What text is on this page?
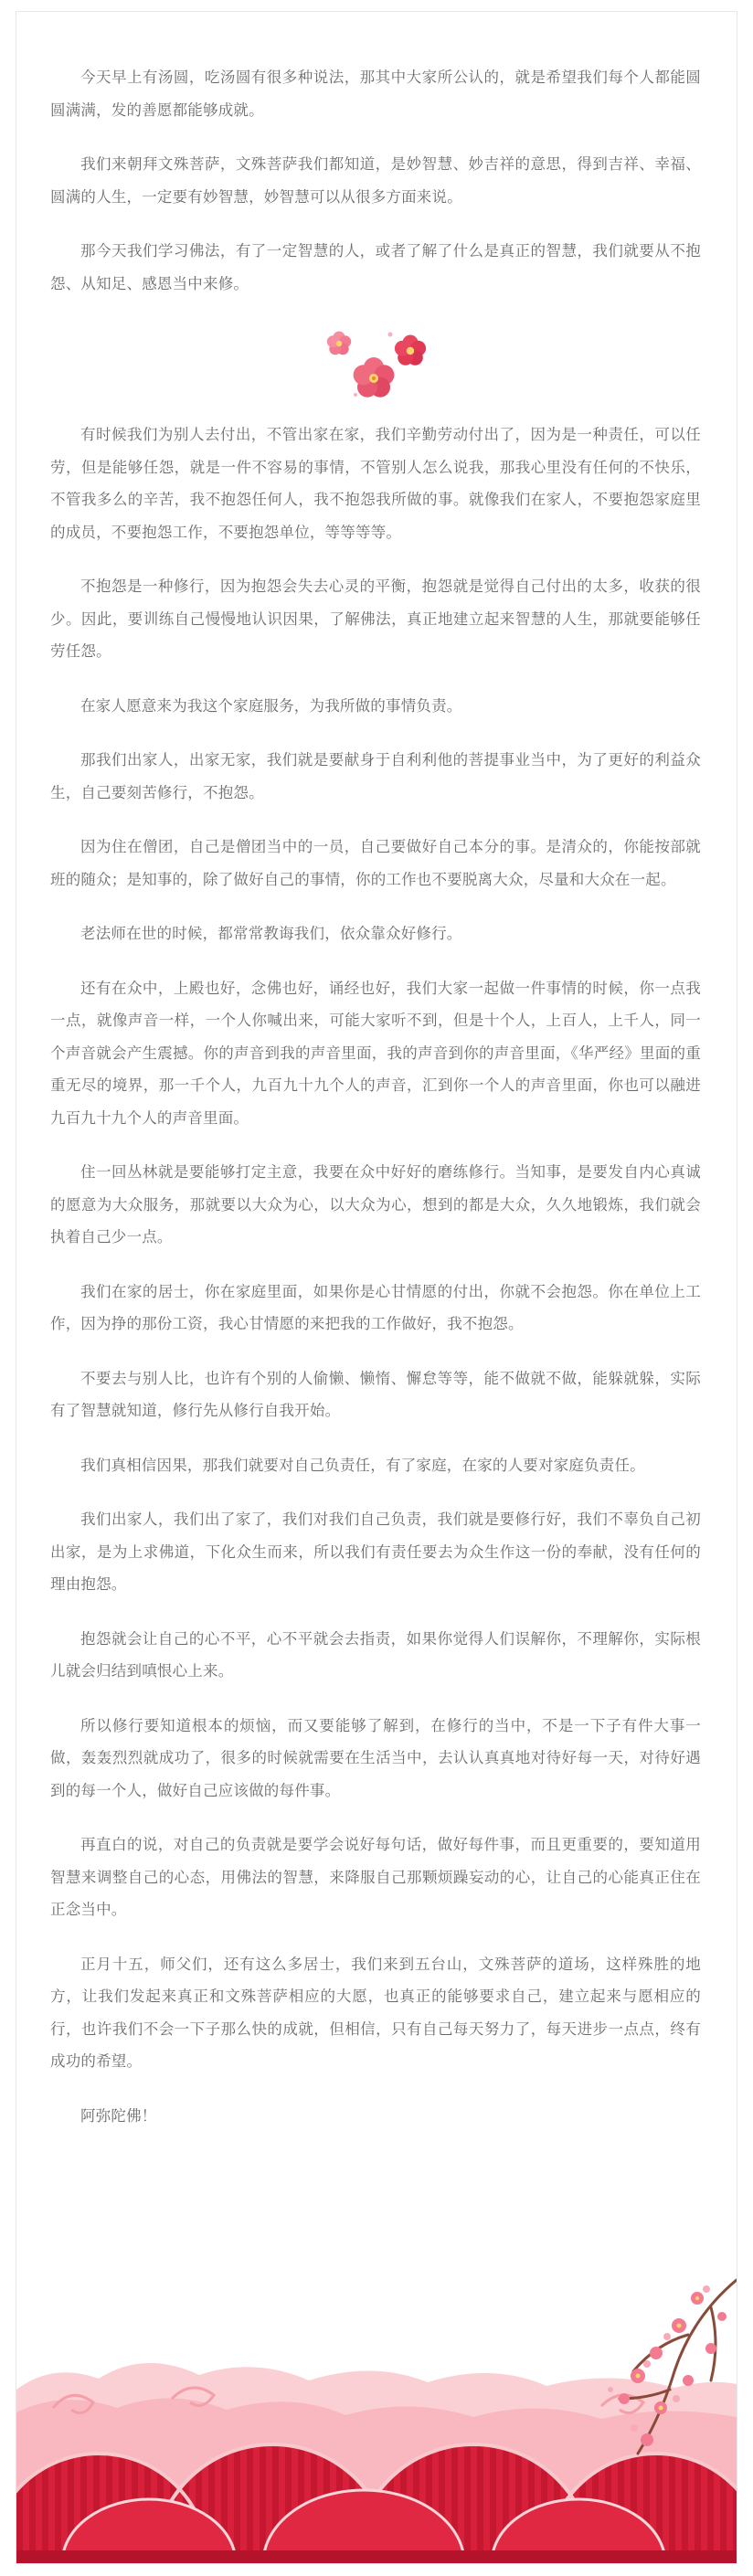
今天早上有汤圆，吃汤圆有很多种说法，那其中大家所公认的，就是希望我们每个人都能圆圆满满，发的善愿都能够成就。

我们来朝拜文殊菩萨，文殊菩萨我们都知道，是妙智慧、妙吉祥的意思，得到吉祥、幸福、圆满的人生，一定要有妙智慧，妙智慧可以从很多方面来说。

那今天我们学习佛法，有了一定智慧的人，或者了解了什么是真正的智慧，我们就要从不抱怨、从知足、感恩当中来修。

有时候我们为别人去付出，不管出家在家，我们辛勤劳动付出了，因为是一种责任，可以任劳，但是能够任怨，就是一件不容易的事情，不管别人怎么说我，那我心里没有任何的不快乐，不管我多么的辛苦，我不抱怨任何人，我不抱怨我所做的事。就像我们在家人，不要抱怨家庭里的成员，不要抱怨工作，不要抱怨单位，等等等等。

不抱怨是一种修行，因为抱怨会失去心灵的平衡，抱怨就是觉得自己付出的太多，收获的很少。因此，要训练自己慢慢地认识因果，了解佛法，真正地建立起来智慧的人生，那就要能够任劳任怨。

在家人愿意来为我这个家庭服务，为我所做的事情负责。

那我们出家人，出家无家，我们就是要献身于自利利他的菩提事业当中，为了更好的利益众生，自己要刻苦修行，不抱怨。

因为住在僧团，自己是僧团当中的一员，自己要做好自己本分的事。是清众的，你能按部就班的随众；是知事的，除了做好自己的事情，你的工作也不要脱离大众，尽量和大众在一起。

老法师在世的时候，都常常教诲我们，依众靠众好修行。

还有在众中，上殿也好，念佛也好，诵经也好，我们大家一起做一件事情的时候，你一点我一点，就像声音一样，一个人你喊出来，可能大家听不到，但是十个人，上百人，上千人，同一个声音就会产生震撼。你的声音到我的声音里面，我的声音到你的声音里面，《华严经》里面的重重无尽的境界，那一千个人，九百九十九个人的声音，汇到你一个人的声音里面，你也可以融进九百九十九个人的声音里面。

住一回丛林就是要能够打定主意，我要在众中好好的磨练修行。当知事，是要发自内心真诚的愿意为大众服务，那就要以大众为心，以大众为心，想到的都是大众，久久地锻炼，我们就会执着自己少一点。

我们在家的居士，你在家庭里面，如果你是心甘情愿的付出，你就不会抱怨。你在单位上工作，因为挣的那份工资，我心甘情愿的来把我的工作做好，我不抱怨。

不要去与别人比，也许有个别的人偷懒、懒惰、懈怠等等，能不做就不做，能躲就躲，实际有了智慧就知道，修行先从修行自我开始。

我们真相信因果，那我们就要对自己负责任，有了家庭，在家的人要对家庭负责任。

我们出家人，我们出了家了，我们对我们自己负责，我们就是要修行好，我们不辜负自己初出家，是为上求佛道，下化众生而来，所以我们有责任要去为众生作这一份的奉献，没有任何的理由抱怨。

抱怨就会让自己的心不平，心不平就会去指责，如果你觉得人们误解你，不理解你，实际根儿就会归结到嗔恨心上来。

所以修行要知道根本的烦恼，而又要能够了解到，在修行的当中，不是一下子有件大事一做，轰轰烈烈就成功了，很多的时候就需要在生活当中，去认认真真地对待好每一天，对待好遇到的每一个人，做好自己应该做的每件事。

再直白的说，对自己的负责就是要学会说好每句话，做好每件事，而且更重要的，要知道用智慧来调整自己的心态，用佛法的智慧，来降服自己那颗烦躁妄动的心，让自己的心能真正住在正念当中。

正月十五，师父们，还有这么多居士，我们来到五台山，文殊菩萨的道场，这样殊胜的地方，让我们发起来真正和文殊菩萨相应的大愿，也真正的能够要求自己，建立起来与愿相应的行，也许我们不会一下子那么快的成就，但相信，只有自己每天努力了，每天进步一点点，终有成功的希望。

阿弥陀佛！
